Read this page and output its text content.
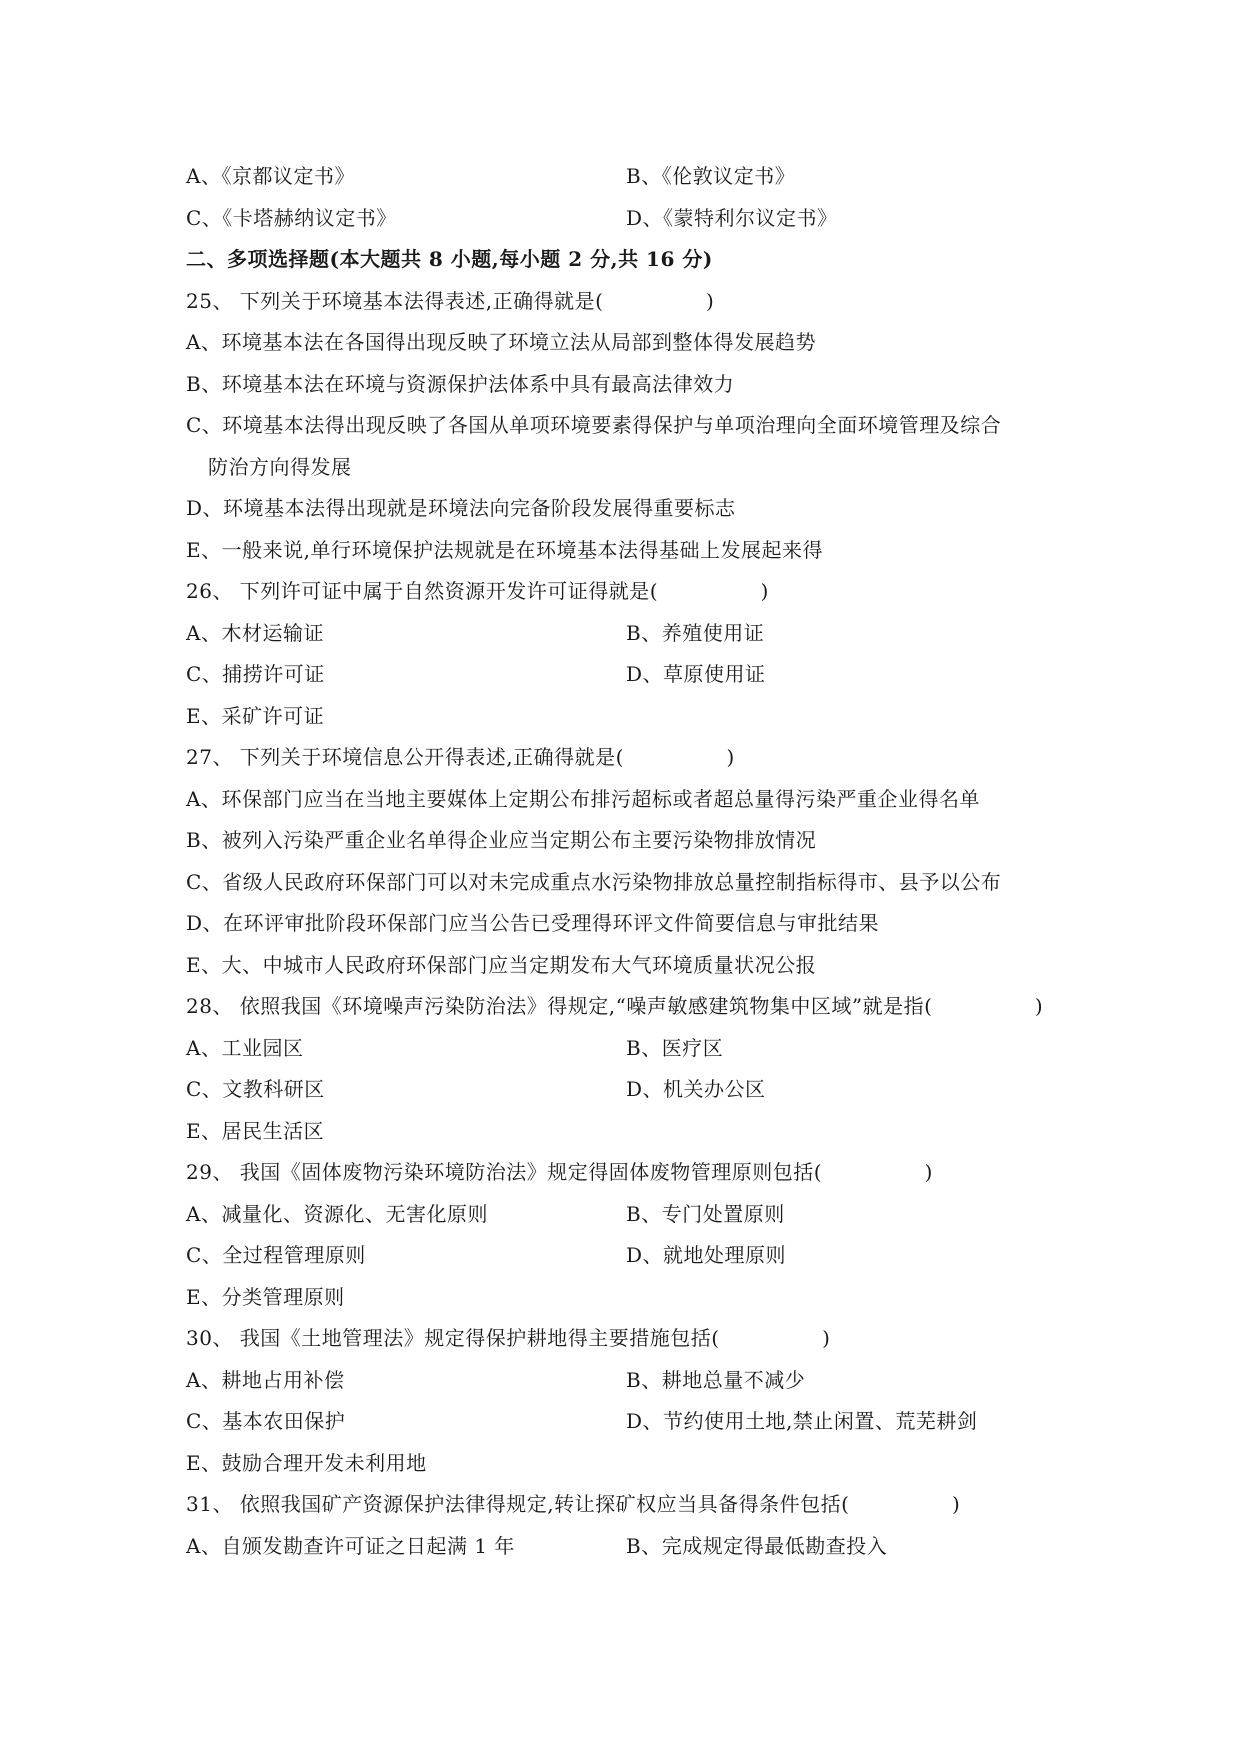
A、《京都议定书》	B、《伦敦议定书》
C、《卡塔赫纳议定书》	D、《蒙特利尔议定书》
二、多项选择题(本大题共 8 小题,每小题 2 分,共 16 分)
25、 下列关于环境基本法得表述,正确得就是(　　　　　)
A、环境基本法在各国得出现反映了环境立法从局部到整体得发展趋势
B、环境基本法在环境与资源保护法体系中具有最高法律效力
C、环境基本法得出现反映了各国从单项环境要素得保护与单项治理向全面环境管理及综合
防治方向得发展
D、环境基本法得出现就是环境法向完备阶段发展得重要标志
E、一般来说,单行环境保护法规就是在环境基本法得基础上发展起来得
26、 下列许可证中属于自然资源开发许可证得就是(　　　　　)
A、木材运输证	B、养殖使用证
C、捕捞许可证	D、草原使用证
E、采矿许可证
27、 下列关于环境信息公开得表述,正确得就是(　　　　　)
A、环保部门应当在当地主要媒体上定期公布排污超标或者超总量得污染严重企业得名单
B、被列入污染严重企业名单得企业应当定期公布主要污染物排放情况
C、省级人民政府环保部门可以对未完成重点水污染物排放总量控制指标得市、县予以公布
D、在环评审批阶段环保部门应当公告已受理得环评文件简要信息与审批结果
E、大、中城市人民政府环保部门应当定期发布大气环境质量状况公报
28、 依照我国《环境噪声污染防治法》得规定,“噪声敏感建筑物集中区域”就是指(　　　　　)
A、工业园区	B、医疗区
C、文教科研区	D、机关办公区
E、居民生活区
29、 我国《固体废物污染环境防治法》规定得固体废物管理原则包括(　　　　　)
A、减量化、资源化、无害化原则	B、专门处置原则
C、全过程管理原则	D、就地处理原则
E、分类管理原则
30、 我国《土地管理法》规定得保护耕地得主要措施包括(　　　　　)
A、耕地占用补偿	B、耕地总量不减少
C、基本农田保护	D、节约使用土地,禁止闲置、荒芜耕剑
E、鼓励合理开发未利用地
31、 依照我国矿产资源保护法律得规定,转让探矿权应当具备得条件包括(　　　　　)
A、自颁发勘查许可证之日起满 1 年	B、完成规定得最低勘查投入
